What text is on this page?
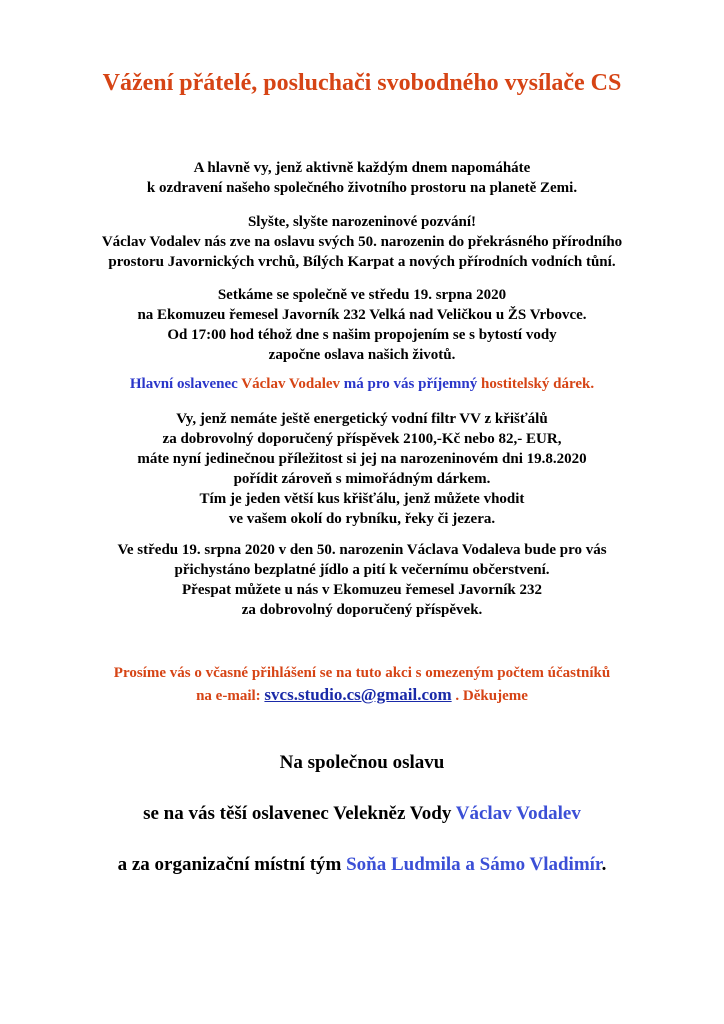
Vážení přátelé, posluchači svobodného vysílače CS
A hlavně vy, jenž aktivně každým dnem napomáháte
k ozdravení našeho společného životního prostoru na planetě Zemi.
Slyšte, slyšte narozeninové pozvání!
Václav Vodalev nás zve na oslavu svých 50. narozenin do překrásného přírodního
prostoru Javornických vrchů, Bílých Karpat a nových přírodních vodních tůní.
Setkáme se společně ve středu 19. srpna 2020
na Ekomuzeu řemesel Javorník 232 Velká nad Veličkou u ŽS Vrbovce.
Od 17:00 hod téhož dne s našim propojením se s bytostí vody
započne oslava našich životů.
Hlavní oslavenec Václav Vodalev má pro vás příjemný hostitelský dárek.
Vy, jenž nemáte ještě energetický vodní filtr VV z křišťálů
za dobrovolný doporučený příspěvek 2100,-Kč nebo 82,- EUR,
máte nyní jedinečnou příležitost si jej na narozeninovém dni 19.8.2020
pořídit zároveň s mimořádným dárkem.
Tím je jeden větší kus křišťálu, jenž můžete vhodit
ve vašem okolí do rybníku, řeky či jezera.
Ve středu 19. srpna 2020 v den 50. narozenin Václava Vodaleva bude pro vás
přichystáno bezplatné jídlo a pití k večernímu občerstvení.
Přespat můžete u nás v Ekomuzeu řemesel Javorník 232
za dobrovolný doporučený příspěvek.
Prosíme vás o včasné přihlášení se na tuto akci s omezeným počtem účastníků
na e-mail: svcs.studio.cs@gmail.com . Děkujeme
Na společnou oslavu
se na vás těší oslavenec Velekněz Vody Václav Vodalev
a za organizační místní tým Soňa Ludmila a Sámo Vladimír.
